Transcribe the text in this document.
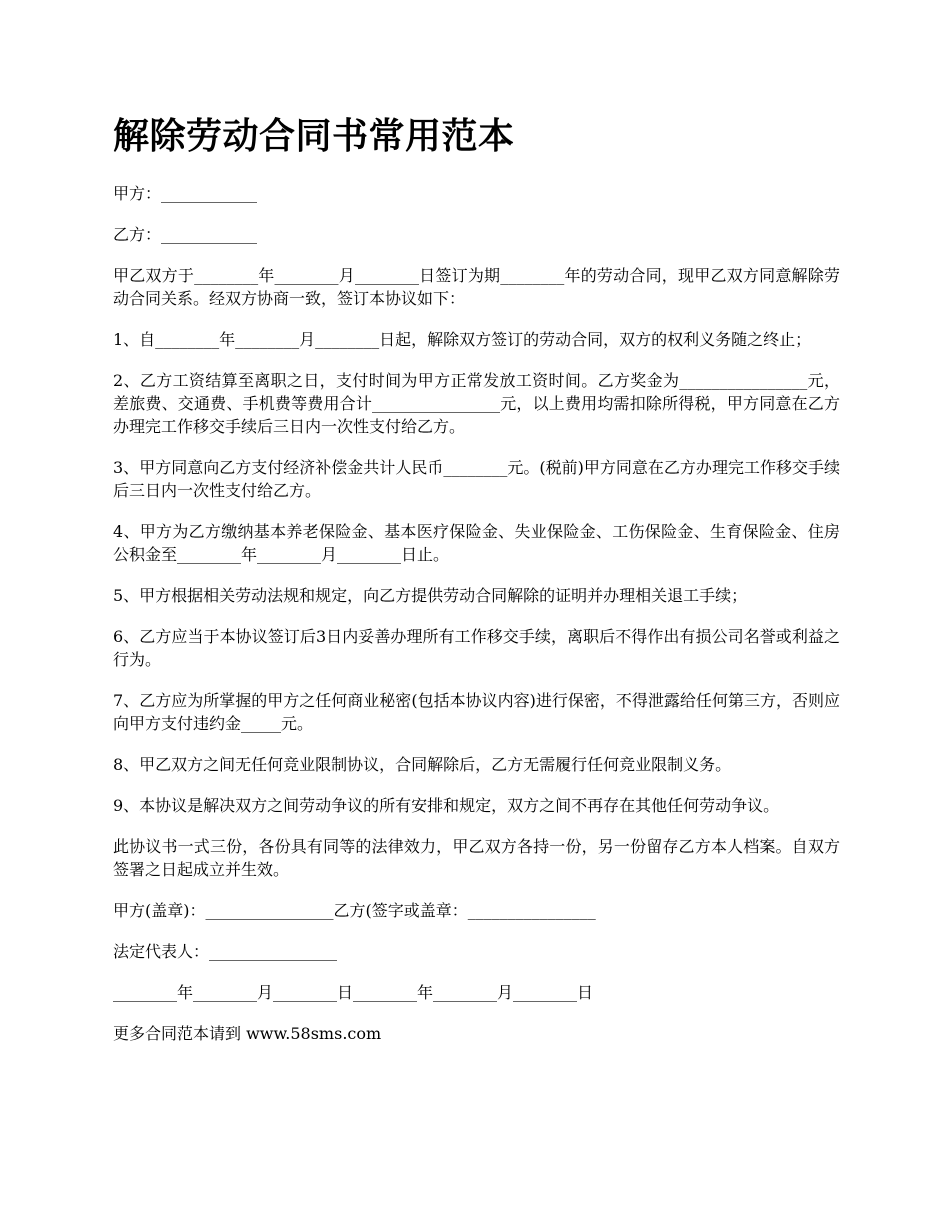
解除劳动合同书常用范本

甲方：____________

乙方：____________

甲乙双方于________年________月________日签订为期________年的劳动合同，现甲乙双方同意解除劳动合同关系。经双方协商一致，签订本协议如下：

1、自________年________月________日起，解除双方签订的劳动合同，双方的权利义务随之终止；

2、乙方工资结算至离职之日，支付时间为甲方正常发放工资时间。乙方奖金为________________元，差旅费、交通费、手机费等费用合计________________元，以上费用均需扣除所得税，甲方同意在乙方办理完工作移交手续后三日内一次性支付给乙方。

3、甲方同意向乙方支付经济补偿金共计人民币________元。(税前)甲方同意在乙方办理完工作移交手续后三日内一次性支付给乙方。

4、甲方为乙方缴纳基本养老保险金、基本医疗保险金、失业保险金、工伤保险金、生育保险金、住房公积金至________年________月________日止。

5、甲方根据相关劳动法规和规定，向乙方提供劳动合同解除的证明并办理相关退工手续；

6、乙方应当于本协议签订后3日内妥善办理所有工作移交手续，离职后不得作出有损公司名誉或利益之行为。

7、乙方应为所掌握的甲方之任何商业秘密(包括本协议内容)进行保密，不得泄露给任何第三方，否则应向甲方支付违约金_____元。

8、甲乙双方之间无任何竞业限制协议，合同解除后，乙方无需履行任何竞业限制义务。

9、本协议是解决双方之间劳动争议的所有安排和规定，双方之间不再存在其他任何劳动争议。

此协议书一式三份，各份具有同等的法律效力，甲乙双方各持一份，另一份留存乙方本人档案。自双方签署之日起成立并生效。

甲方(盖章)：________________乙方(签字或盖章：________________

法定代表人：________________

________年________月________日________年________月________日

更多合同范本请到 www.58sms.com
